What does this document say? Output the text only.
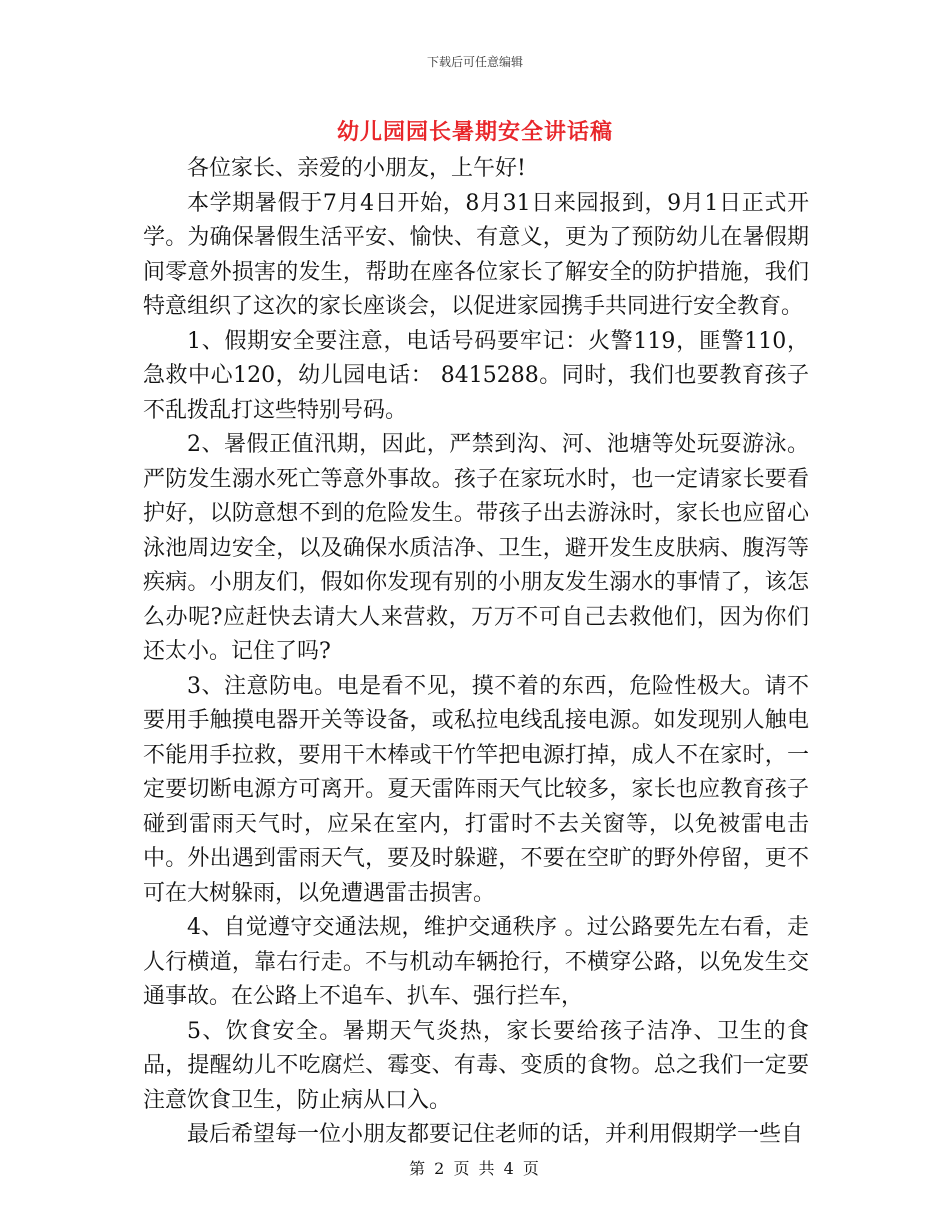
下载后可任意编辑
幼儿园园长暑期安全讲话稿

各位家长、亲爱的小朋友，上午好!

本学期暑假于7月4日开始，8月31日来园报到，9月1日正式开学。为确保暑假生活平安、愉快、有意义，更为了预防幼儿在暑假期间零意外损害的发生，帮助在座各位家长了解安全的防护措施，我们特意组织了这次的家长座谈会，以促进家园携手共同进行安全教育。

1、假期安全要注意，电话号码要牢记：火警119，匪警110，急救中心120，幼儿园电话： 8415288。同时，我们也要教育孩子不乱拨乱打这些特别号码。

2、暑假正值汛期，因此，严禁到沟、河、池塘等处玩耍游泳。严防发生溺水死亡等意外事故。孩子在家玩水时，也一定请家长要看护好，以防意想不到的危险发生。带孩子出去游泳时，家长也应留心泳池周边安全，以及确保水质洁净、卫生，避开发生皮肤病、腹泻等疾病。小朋友们，假如你发现有别的小朋友发生溺水的事情了，该怎么办呢?应赶快去请大人来营救，万万不可自己去救他们，因为你们还太小。记住了吗?

3、注意防电。电是看不见，摸不着的东西，危险性极大。请不要用手触摸电器开关等设备，或私拉电线乱接电源。如发现别人触电不能用手拉救，要用干木棒或干竹竿把电源打掉，成人不在家时，一定要切断电源方可离开。夏天雷阵雨天气比较多，家长也应教育孩子碰到雷雨天气时，应呆在室内，打雷时不去关窗等，以免被雷电击中。外出遇到雷雨天气，要及时躲避，不要在空旷的野外停留，更不可在大树躲雨，以免遭遇雷击损害。

4、自觉遵守交通法规，维护交通秩序 。过公路要先左右看，走人行横道，靠右行走。不与机动车辆抢行，不横穿公路，以免发生交通事故。在公路上不追车、扒车、强行拦车，

5、饮食安全。暑期天气炎热，家长要给孩子洁净、卫生的食品，提醒幼儿不吃腐烂、霉变、有毒、变质的食物。总之我们一定要注意饮食卫生，防止病从口入。

最后希望每一位小朋友都要记住老师的话，并利用假期学一些自

第 2 页 共 4 页
